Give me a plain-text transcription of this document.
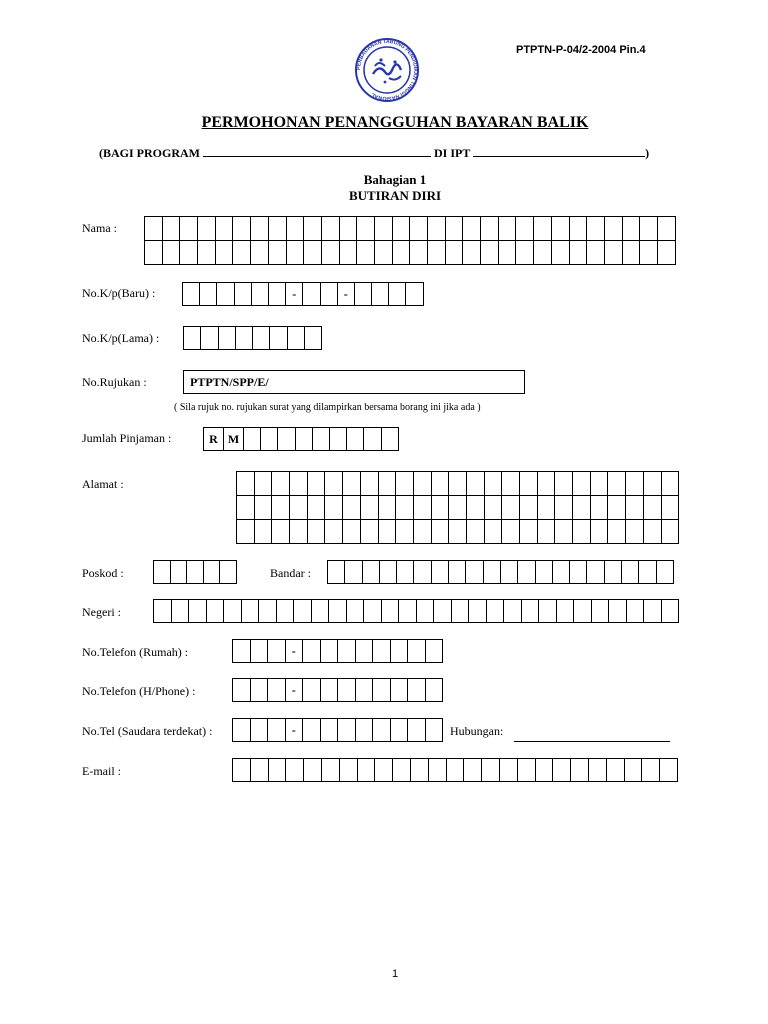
PERBADANAN TABUNG PENDIDIKAN TINGGI NASIONAL
PTPTN-P-04/2-2004 Pin.4
PERMOHONAN PENANGGUHAN BAYARAN BALIK
(BAGI PROGRAM	DI IPT	)
Bahagian 1
BUTIRAN DIRI
Nama :

No.K/p(Baru) :
							-			-				
No.K/p(Lama) :

No.Rujukan :	PTPTN/SPP/E/
( Sila rujuk no. rujukan surat yang dilampirkan bersama borang ini jika ada )
Jumlah Pinjaman :	R	M									
Alamat :

Poskod :
					Bandar :

Negeri :

No.Telefon (Rumah) :
				-								
No.Telefon (H/Phone) :
				-								
No.Tel (Saudara terdekat) :
				-									Hubungan:
E-mail :

1
